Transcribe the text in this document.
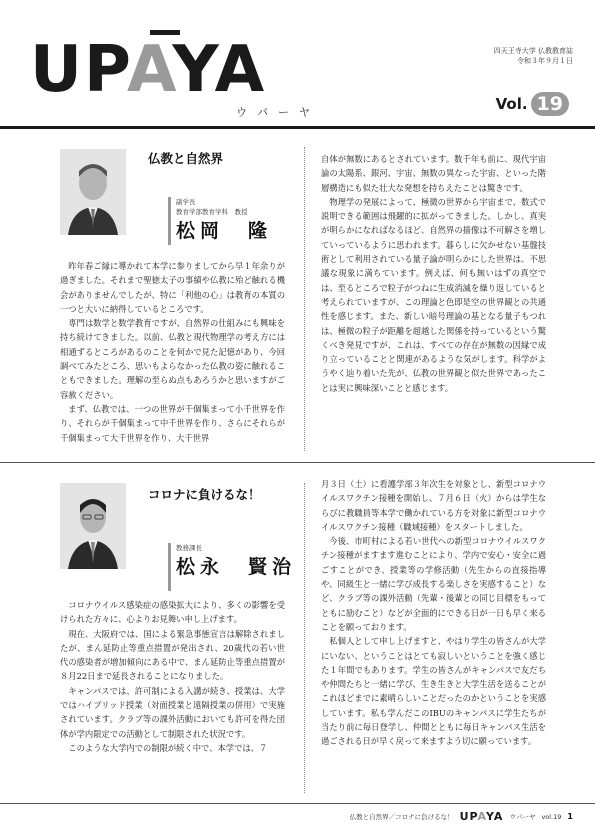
UPAYA
ウパーヤ
四天王寺大学 仏教教育誌
令和３年９月１日
Vol. 19
仏教と自然界
副学長
教育学部教育学科　教授
松岡　隆

昨年春ご縁に導かれて本学に参りましてから早１年余りが過ぎました。それまで聖徳太子の事績や仏教に殆ど触れる機会がありませんでしたが、特に「利他の心」は教育の本質の一つと大いに納得しているところです。

専門は数学と数学教育ですが、自然界の仕組みにも興味を持ち続けてきました。以前、仏教と現代物理学の考え方には相通ずるところがあるのことを何かで見た記憶があり、今回調べてみたところ、思いもよらなかった仏教の姿に触れることもできました。理解の至らぬ点もあろうかと思いますがご容赦ください。

まず、仏教では、一つの世界が千個集まって小千世界を作り、それらが千個集まって中千世界を作り、さらにそれらが千個集まって大千世界を作り、大千世界

自体が無数にあるとされています。数千年も前に、現代宇宙論の太陽系、銀河、宇宙、無数の異なった宇宙、といった階層構造にも似た壮大な発想を持ちえたことは驚きです。

物理学の発展によって、極微の世界から宇宙まで、数式で説明できる範囲は飛躍的に拡がってきました。しかし、真実が明らかになればなるほど、自然界の描像は不可解さを増していっているように思われます。暮らしに欠かせない基盤技術として利用されている量子論が明らかにした世界は、不思議な現象に満ちています。例えば、何も無いはずの真空では、至るところで粒子がつねに生成消滅を繰り返していると考えられていますが、この理論と色即是空の世界観との共通性を感じます。また、新しい暗号理論の基となる量子もつれは、極微の粒子が距離を超越した関係を持っているという驚くべき発見ですが、これは、すべての存在が無数の因縁で成り立っていることと関連があるような気がします。科学がようやく辿り着いた先が、仏教の世界観と似た世界であったことは実に興味深いことと感じます。

コロナに負けるな！
教務課長
松永　賢治

コロナウイルス感染症の感染拡大により、多くの影響を受けられた方々に、心よりお見舞い申し上げます。

現在、大阪府では、国による緊急事態宣言は解除されましたが、まん延防止等重点措置が発出され、20歳代の若い世代の感染者が増加傾向にある中で、まん延防止等重点措置が８月22日まで延長されることになりました。

キャンパスでは、許可制による入講が続き、授業は、大学ではハイブリッド授業（対面授業と遠隔授業の併用）で実施されています。クラブ等の課外活動においても許可を得た団体が学内限定での活動として制限された状況です。

このような大学内での制限が続く中で、本学では、７

月３日（土）に看護学部３年次生を対象とし、新型コロナウイルスワクチン接種を開始し、７月６日（火）からは学生ならびに教職員等本学で働かれている方を対象に新型コロナウイルスワクチン接種（職域接種）をスタートしました。

今後、市町村による若い世代への新型コロナウイルスワクチン接種がますます進むことにより、学内で安心・安全に過ごすことができ、授業等の学修活動（先生からの直接指導や、同級生と一緒に学び成長する楽しさを実感すること）など、クラブ等の課外活動（先輩・後輩との同じ目標をもってともに励むこと）などが全面的にできる日が一日も早く来ることを願っております。

私個人として申し上げますと、やはり学生の皆さんが大学にいない、ということはとても寂しいということを強く感じた１年間でもあります。学生の皆さんがキャンパスで友だちや仲間たちと一緒に学び、生き生きと大学生活を送ることがこれほどまでに素晴らしいことだったのかということを実感しています。私も学んだこのIBUのキャンパスに学生たちが当たり前に毎日登学し、仲間とともに毎日キャンパス生活を過ごされる日が早く戻って来ますよう切に願っています。

仏教と自然界／コロナに負けるな！ UPAYA ウパーヤ vol.19 1
